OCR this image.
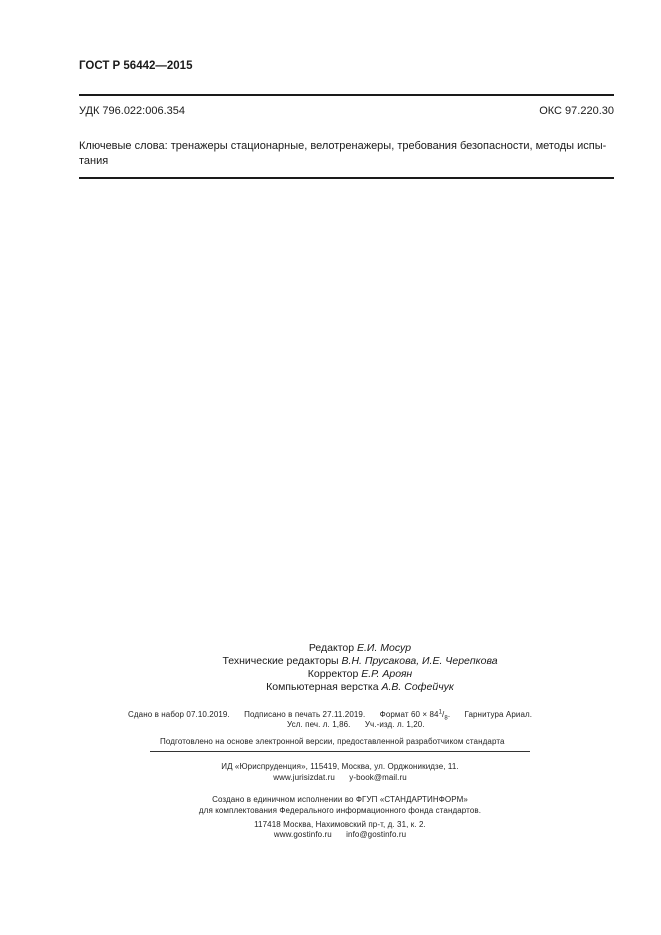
ГОСТ Р 56442—2015
УДК 796.022:006.354	ОКС 97.220.30
Ключевые слова: тренажеры стационарные, велотренажеры, требования безопасности, методы испы-
тания
Редактор Е.И. Мосур
Технические редакторы В.Н. Прусакова, И.Е. Черепкова
Корректор Е.Р. Ароян
Компьютерная верстка А.В. Софейчук
Сдано в набор 07.10.2019. Подписано в печать 27.11.2019. Формат $60 \times 84^1/_8$. Гарнитура Ариал.
Усл. печ. л. 1,86. Уч.-изд. л. 1,20.
Подготовлено на основе электронной версии, предоставленной разработчиком стандарта
ИД «Юриспруденция», 115419, Москва, ул. Орджоникидзе, 11.
www.jurisizdat.ru y-book@mail.ru
Создано в единичном исполнении во ФГУП «СТАНДАРТИНФОРМ»
для комплектования Федерального информационного фонда стандартов.
117418 Москва, Нахимовский пр-т, д. 31, к. 2.
www.gostinfo.ru info@gostinfo.ru
